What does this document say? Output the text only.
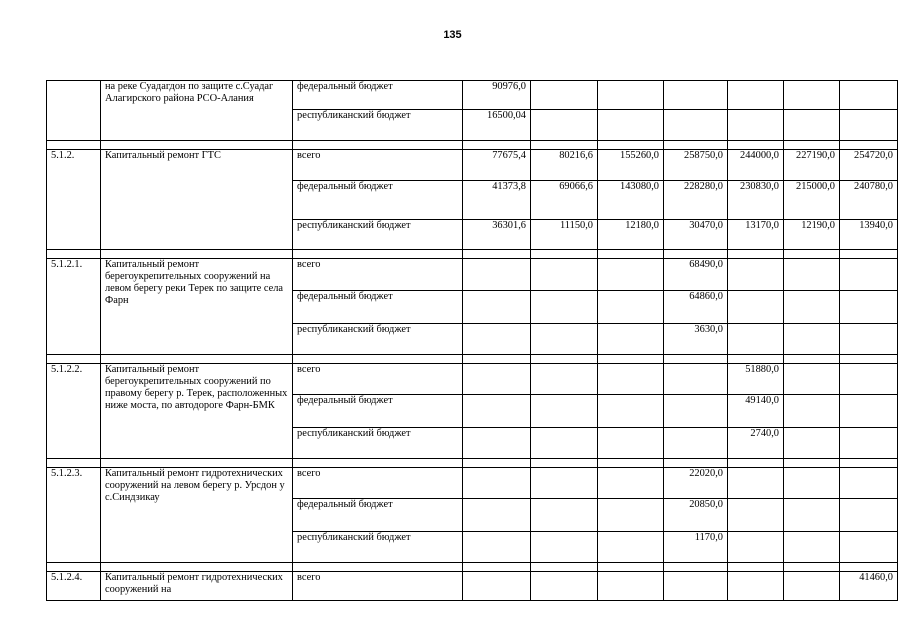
135
	на реке Суадагдон по защите с.Суадаг Алагирского района РСО-Алания	федеральный бюджет	90976,0						
		республиканский бюджет	16500,04						

5.1.2.	Капитальный ремонт ГТС	всего	77675,4	80216,6	155260,0	258750,0	244000,0	227190,0	254720,0
		федеральный бюджет	41373,8	69066,6	143080,0	228280,0	230830,0	215000,0	240780,0
		республиканский бюджет	36301,6	11150,0	12180,0	30470,0	13170,0	12190,0	13940,0

5.1.2.1.	Капитальный ремонт берегоукрепительных сооружений на левом берегу реки Терек по защите села Фарн	всего				68490,0			
		федеральный бюджет				64860,0			
		республиканский бюджет				3630,0			

5.1.2.2.	Капитальный ремонт берегоукрепительных сооружений по правому берегу р. Терек, расположенных ниже моста, по автодороге Фарн-БМК	всего					51880,0		
		федеральный бюджет					49140,0		
		республиканский бюджет					2740,0		

5.1.2.3.	Капитальный ремонт гидротехнических сооружений на левом берегу р. Урсдон у с.Синдзикау	всего				22020,0			
		федеральный бюджет				20850,0			
		республиканский бюджет				1170,0			

5.1.2.4.	Капитальный ремонт гидротехнических сооружений на	всего							41460,0
